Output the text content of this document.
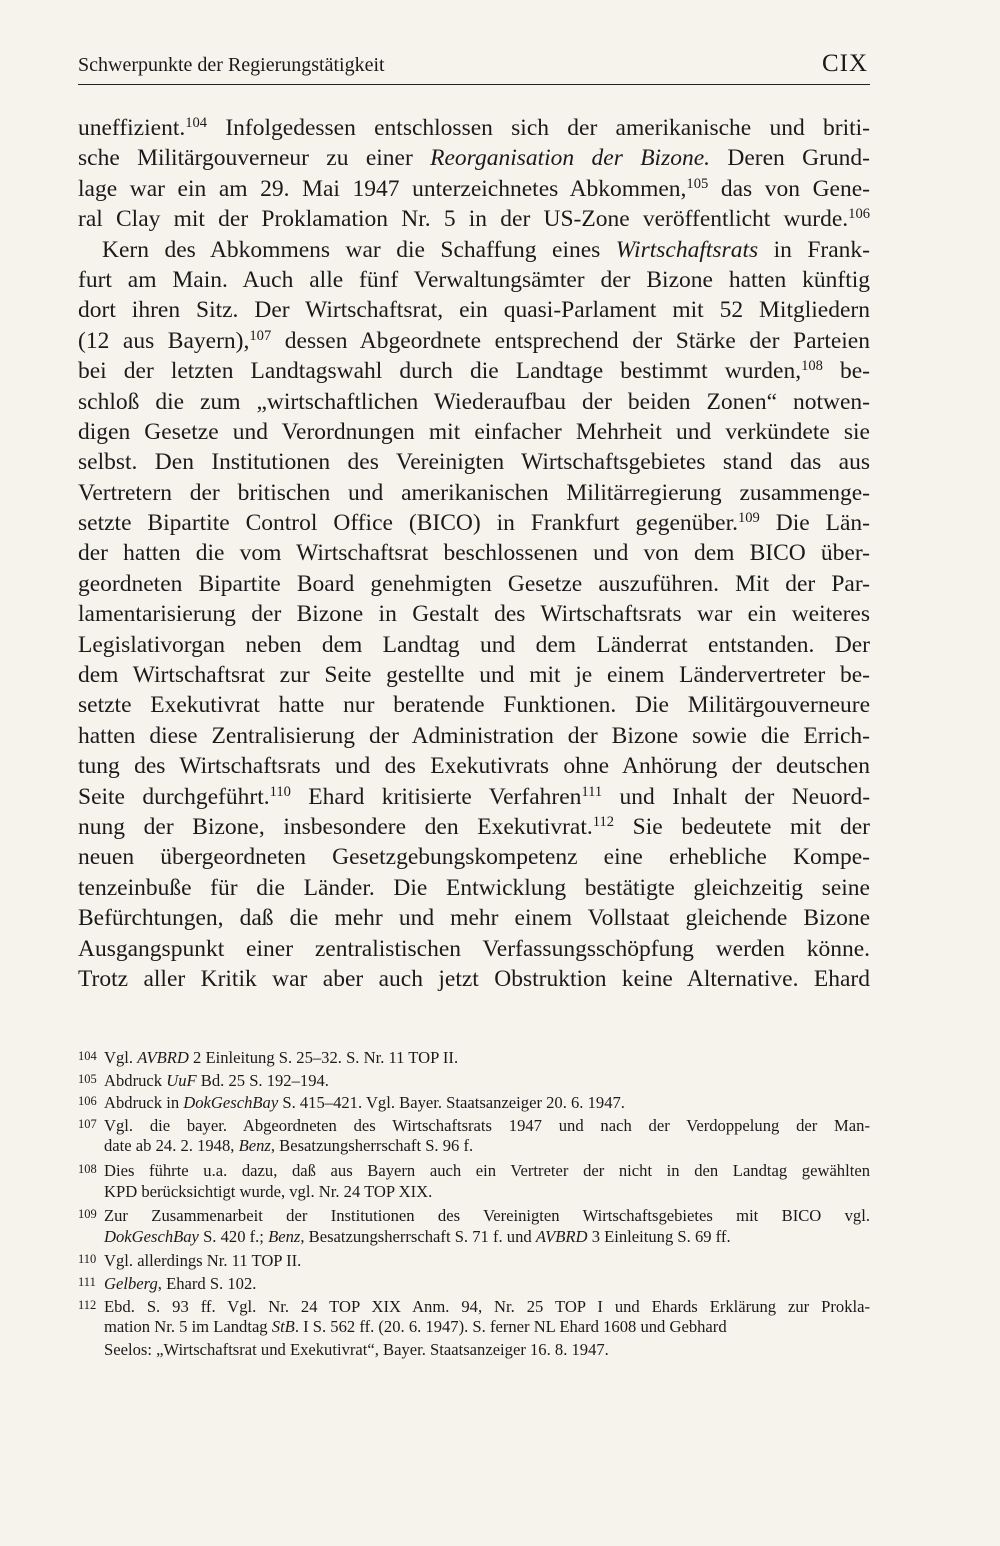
Schwerpunkte der Regierungstätigkeit	CIX
uneffizient.$^{104}$ Infolgedessen entschlossen sich der amerikanische und briti-
sche Militärgouverneur zu einer Reorganisation der Bizone. Deren Grund-
lage war ein am 29. Mai 1947 unterzeichnetes Abkommen,$^{105}$ das von Gene-
ral Clay mit der Proklamation Nr. 5 in der US-Zone veröffentlicht wurde.$^{106}$
Kern des Abkommens war die Schaffung eines Wirtschaftsrats in Frank-
furt am Main. Auch alle fünf Verwaltungsämter der Bizone hatten künftig
dort ihren Sitz. Der Wirtschaftsrat, ein quasi-Parlament mit 52 Mitgliedern
(12 aus Bayern),$^{107}$ dessen Abgeordnete entsprechend der Stärke der Parteien
bei der letzten Landtagswahl durch die Landtage bestimmt wurden,$^{108}$ be-
schloß die zum „wirtschaftlichen Wiederaufbau der beiden Zonen“ notwen-
digen Gesetze und Verordnungen mit einfacher Mehrheit und verkündete sie
selbst. Den Institutionen des Vereinigten Wirtschaftsgebietes stand das aus
Vertretern der britischen und amerikanischen Militärregierung zusammenge-
setzte Bipartite Control Office (BICO) in Frankfurt gegenüber.$^{109}$ Die Län-
der hatten die vom Wirtschaftsrat beschlossenen und von dem BICO über-
geordneten Bipartite Board genehmigten Gesetze auszuführen. Mit der Par-
lamentarisierung der Bizone in Gestalt des Wirtschaftsrats war ein weiteres
Legislativorgan neben dem Landtag und dem Länderrat entstanden. Der
dem Wirtschaftsrat zur Seite gestellte und mit je einem Ländervertreter be-
setzte Exekutivrat hatte nur beratende Funktionen. Die Militärgouverneure
hatten diese Zentralisierung der Administration der Bizone sowie die Errich-
tung des Wirtschaftsrats und des Exekutivrats ohne Anhörung der deutschen
Seite durchgeführt.$^{110}$ Ehard kritisierte Verfahren$^{111}$ und Inhalt der Neuord-
nung der Bizone, insbesondere den Exekutivrat.$^{112}$ Sie bedeutete mit der
neuen übergeordneten Gesetzgebungskompetenz eine erhebliche Kompe-
tenzeinbuße für die Länder. Die Entwicklung bestätigte gleichzeitig seine
Befürchtungen, daß die mehr und mehr einem Vollstaat gleichende Bizone
Ausgangspunkt einer zentralistischen Verfassungsschöpfung werden könne.
Trotz aller Kritik war aber auch jetzt Obstruktion keine Alternative. Ehard
104 Vgl. AVBRD 2 Einleitung S. 25–32. S. Nr. 11 TOP II.
105 Abdruck UuF Bd. 25 S. 192–194.
106 Abdruck in DokGeschBay S. 415–421. Vgl. Bayer. Staatsanzeiger 20. 6. 1947.
107 Vgl. die bayer. Abgeordneten des Wirtschaftsrats 1947 und nach der Verdoppelung der Man-
date ab 24. 2. 1948, Benz, Besatzungsherrschaft S. 96 f.
108 Dies führte u.a. dazu, daß aus Bayern auch ein Vertreter der nicht in den Landtag gewählten
KPD berücksichtigt wurde, vgl. Nr. 24 TOP XIX.
109 Zur Zusammenarbeit der Institutionen des Vereinigten Wirtschaftsgebietes mit BICO vgl.
DokGeschBay S. 420 f.; Benz, Besatzungsherrschaft S. 71 f. und AVBRD 3 Einleitung S. 69 ff.
110 Vgl. allerdings Nr. 11 TOP II.
111 Gelberg, Ehard S. 102.
112 Ebd. S. 93 ff. Vgl. Nr. 24 TOP XIX Anm. 94, Nr. 25 TOP I und Ehards Erklärung zur Prokla-
mation Nr. 5 im Landtag StB. I S. 562 ff. (20. 6. 1947). S. ferner NL Ehard 1608 und Gebhard
Seelos: „Wirtschaftsrat und Exekutivrat“, Bayer. Staatsanzeiger 16. 8. 1947.
